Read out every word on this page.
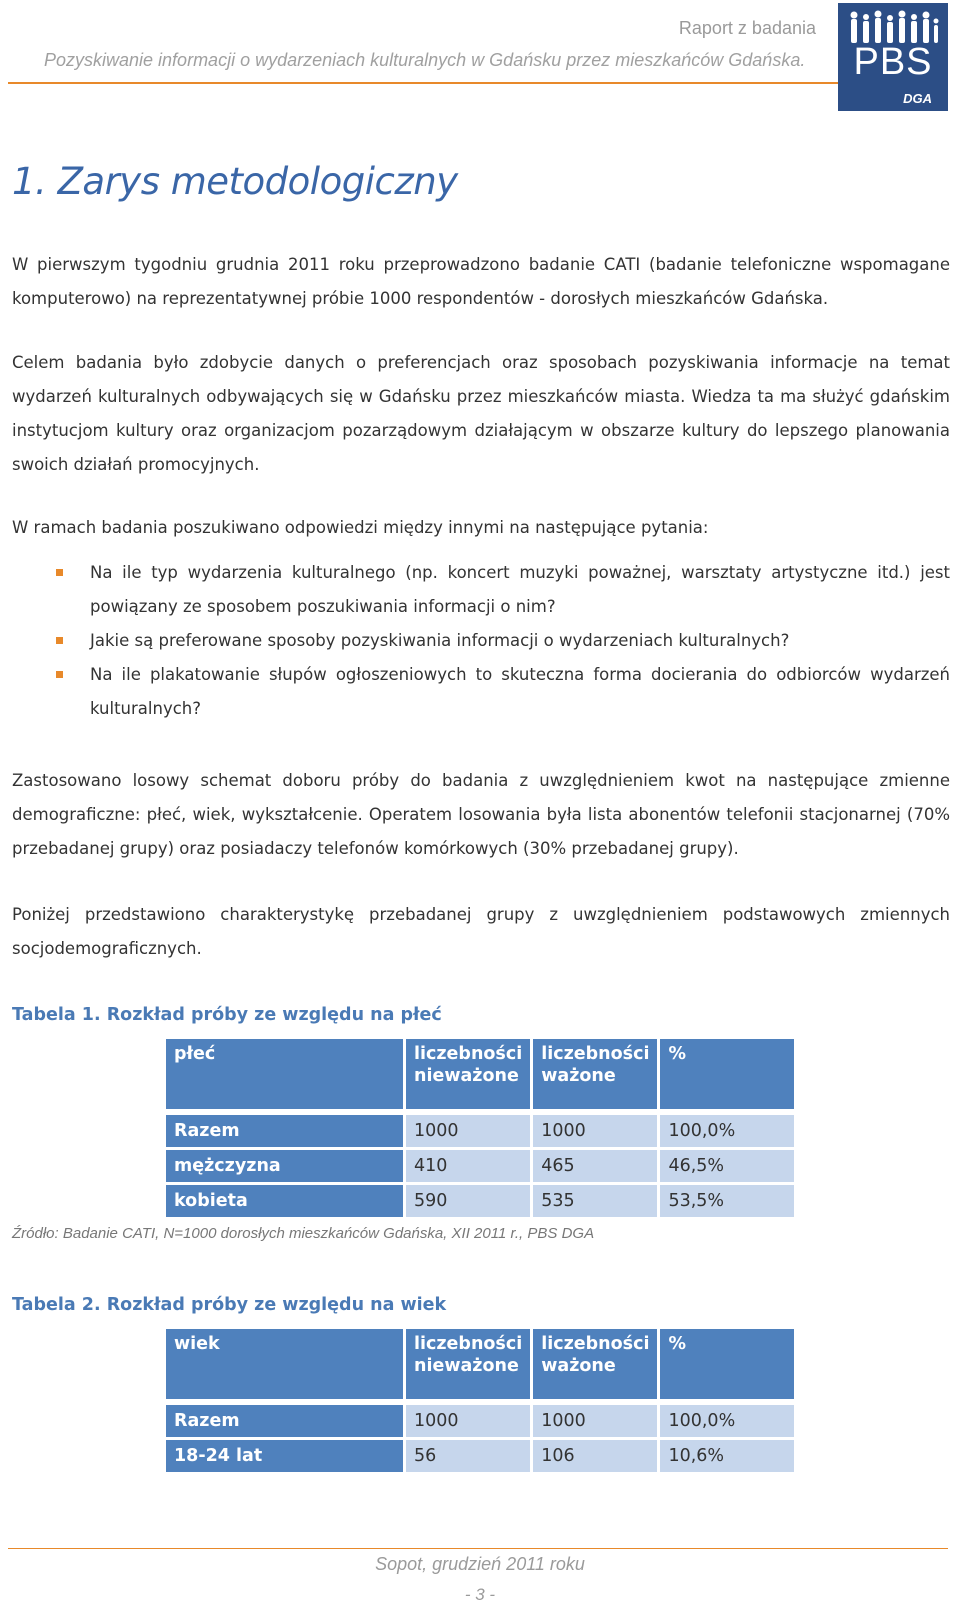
Raport z badania
Pozyskiwanie informacji o wydarzeniach kulturalnych w Gdańsku przez mieszkańców Gdańska.	PBS
DGA
1. Zarys metodologiczny
W pierwszym tygodniu grudnia 2011 roku przeprowadzono badanie CATI (badanie telefoniczne wspomagane komputerowo) na reprezentatywnej próbie 1000 respondentów - dorosłych mieszkańców Gdańska.
Celem badania było zdobycie danych o preferencjach oraz sposobach pozyskiwania informacje na temat wydarzeń kulturalnych odbywających się w Gdańsku przez mieszkańców miasta. Wiedza ta ma służyć gdańskim instytucjom kultury oraz organizacjom pozarządowym działającym w obszarze kultury do lepszego planowania swoich działań promocyjnych.
W ramach badania poszukiwano odpowiedzi między innymi na następujące pytania:
Na ile typ wydarzenia kulturalnego (np. koncert muzyki poważnej, warsztaty artystyczne itd.) jest powiązany ze sposobem poszukiwania informacji o nim?
Jakie są preferowane sposoby pozyskiwania informacji o wydarzeniach kulturalnych?
Na ile plakatowanie słupów ogłoszeniowych to skuteczna forma docierania do odbiorców wydarzeń kulturalnych?
Zastosowano losowy schemat doboru próby do badania z uwzględnieniem kwot na następujące zmienne demograficzne: płeć, wiek, wykształcenie. Operatem losowania była lista abonentów telefonii stacjonarnej (70% przebadanej grupy) oraz posiadaczy telefonów komórkowych (30% przebadanej grupy).
Poniżej przedstawiono charakterystykę przebadanej grupy z uwzględnieniem podstawowych zmiennych socjodemograficznych.
Tabela 1. Rozkład próby ze względu na płeć
płeć	liczebności nieważone	liczebności ważone	%

Razem	1000	1000	100,0%
mężczyzna	410	465	46,5%
kobieta	590	535	53,5%
Źródło: Badanie CATI, N=1000 dorosłych mieszkańców Gdańska, XII 2011 r., PBS DGA
Tabela 2. Rozkład próby ze względu na wiek
wiek	liczebności nieważone	liczebności ważone	%

Razem	1000	1000	100,0%
18-24 lat	56	106	10,6%
Sopot, grudzień 2011 roku
- 3 -
